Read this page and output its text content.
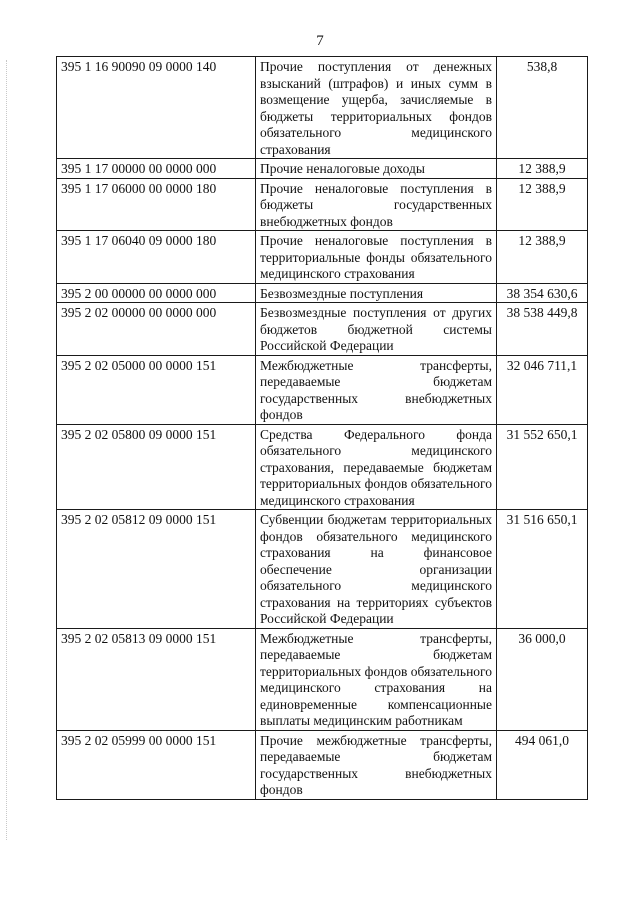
7
395 1 16 90090 09 0000 140	Прочие поступления от денежных взысканий (штрафов) и иных сумм в возмещение ущерба, зачисляемые в бюджеты территориальных фондов обязательного медицинского страхования	538,8
395 1 17 00000 00 0000 000	Прочие неналоговые доходы	12 388,9
395 1 17 06000 00 0000 180	Прочие неналоговые поступления в бюджеты государственных внебюджетных фондов	12 388,9
395 1 17 06040 09 0000 180	Прочие неналоговые поступления в территориальные фонды обязательного медицинского страхования	12 388,9
395 2 00 00000 00 0000 000	Безвозмездные поступления	38 354 630,6
395 2 02 00000 00 0000 000	Безвозмездные поступления от других бюджетов бюджетной системы Российской Федерации	38 538 449,8
395 2 02 05000 00 0000 151	Межбюджетные трансферты, передаваемые бюджетам государственных внебюджетных фондов	32 046 711,1
395 2 02 05800 09 0000 151	Средства Федерального фонда обязательного медицинского страхования, передаваемые бюджетам территориальных фондов обязательного медицинского страхования	31 552 650,1
395 2 02 05812 09 0000 151	Субвенции бюджетам территориальных фондов обязательного медицинского страхования на финансовое обеспечение организации обязательного медицинского страхования на территориях субъектов Российской Федерации	31 516 650,1
395 2 02 05813 09 0000 151	Межбюджетные трансферты, передаваемые бюджетам территориальных фондов обязательного медицинского страхования на единовременные компенсационные выплаты медицинским работникам	36 000,0
395 2 02 05999 00 0000 151	Прочие межбюджетные трансферты, передаваемые бюджетам государственных внебюджетных фондов	494 061,0
